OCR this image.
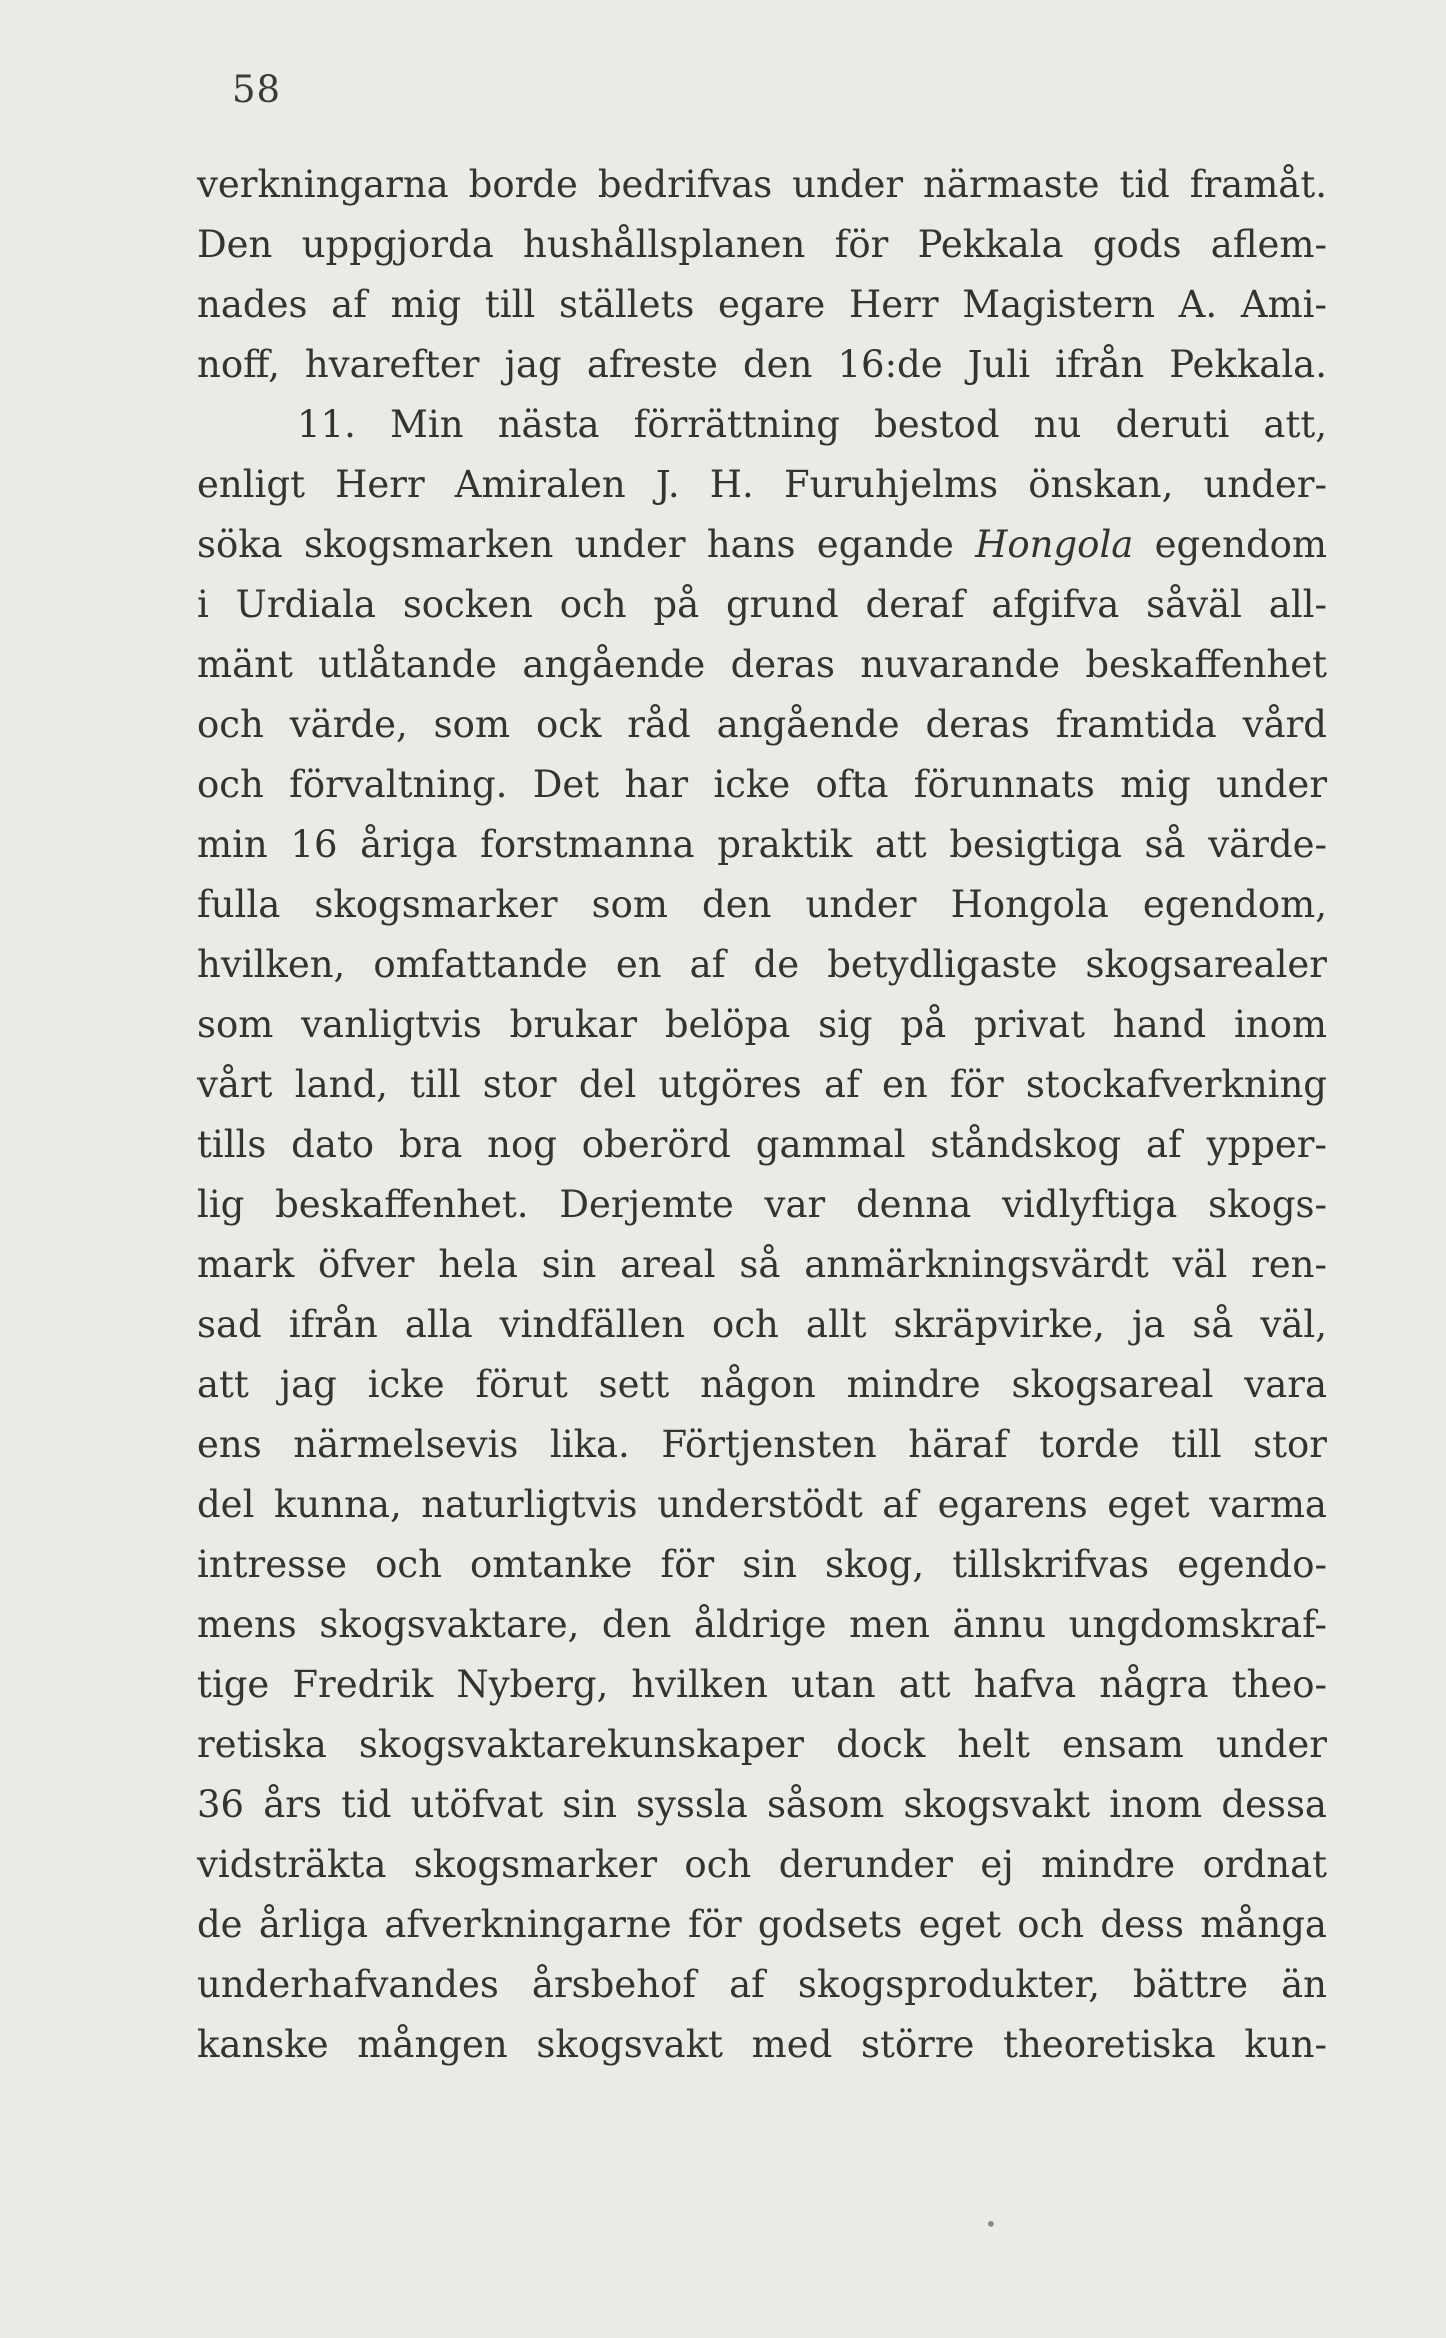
58
verkningarna borde bedrifvas under närmaste tid framåt.
Den uppgjorda hushållsplanen för Pekkala gods aflem-
nades af mig till ställets egare Herr Magistern A. Ami-
noff, hvarefter jag afreste den 16:de Juli ifrån Pekkala.
11. Min nästa förrättning bestod nu deruti att,
enligt Herr Amiralen J. H. Furuhjelms önskan, under-
söka skogsmarken under hans egande Hongola egendom
i Urdiala socken och på grund deraf afgifva såväl all-
mänt utlåtande angående deras nuvarande beskaffenhet
och värde, som ock råd angående deras framtida vård
och förvaltning. Det har icke ofta förunnats mig under
min 16 åriga forstmanna praktik att besigtiga så värde-
fulla skogsmarker som den under Hongola egendom,
hvilken, omfattande en af de betydligaste skogsarealer
som vanligtvis brukar belöpa sig på privat hand inom
vårt land, till stor del utgöres af en för stockafverkning
tills dato bra nog oberörd gammal ståndskog af ypper-
lig beskaffenhet. Derjemte var denna vidlyftiga skogs-
mark öfver hela sin areal så anmärkningsvärdt väl ren-
sad ifrån alla vindfällen och allt skräpvirke, ja så väl,
att jag icke förut sett någon mindre skogsareal vara
ens närmelsevis lika. Förtjensten häraf torde till stor
del kunna, naturligtvis understödt af egarens eget varma
intresse och omtanke för sin skog, tillskrifvas egendo-
mens skogsvaktare, den åldrige men ännu ungdomskraf-
tige Fredrik Nyberg, hvilken utan att hafva några theo-
retiska skogsvaktarekunskaper dock helt ensam under
36 års tid utöfvat sin syssla såsom skogsvakt inom dessa
vidsträkta skogsmarker och derunder ej mindre ordnat
de årliga afverkningarne för godsets eget och dess många
underhafvandes årsbehof af skogsprodukter, bättre än
kanske mången skogsvakt med större theoretiska kun-
•
